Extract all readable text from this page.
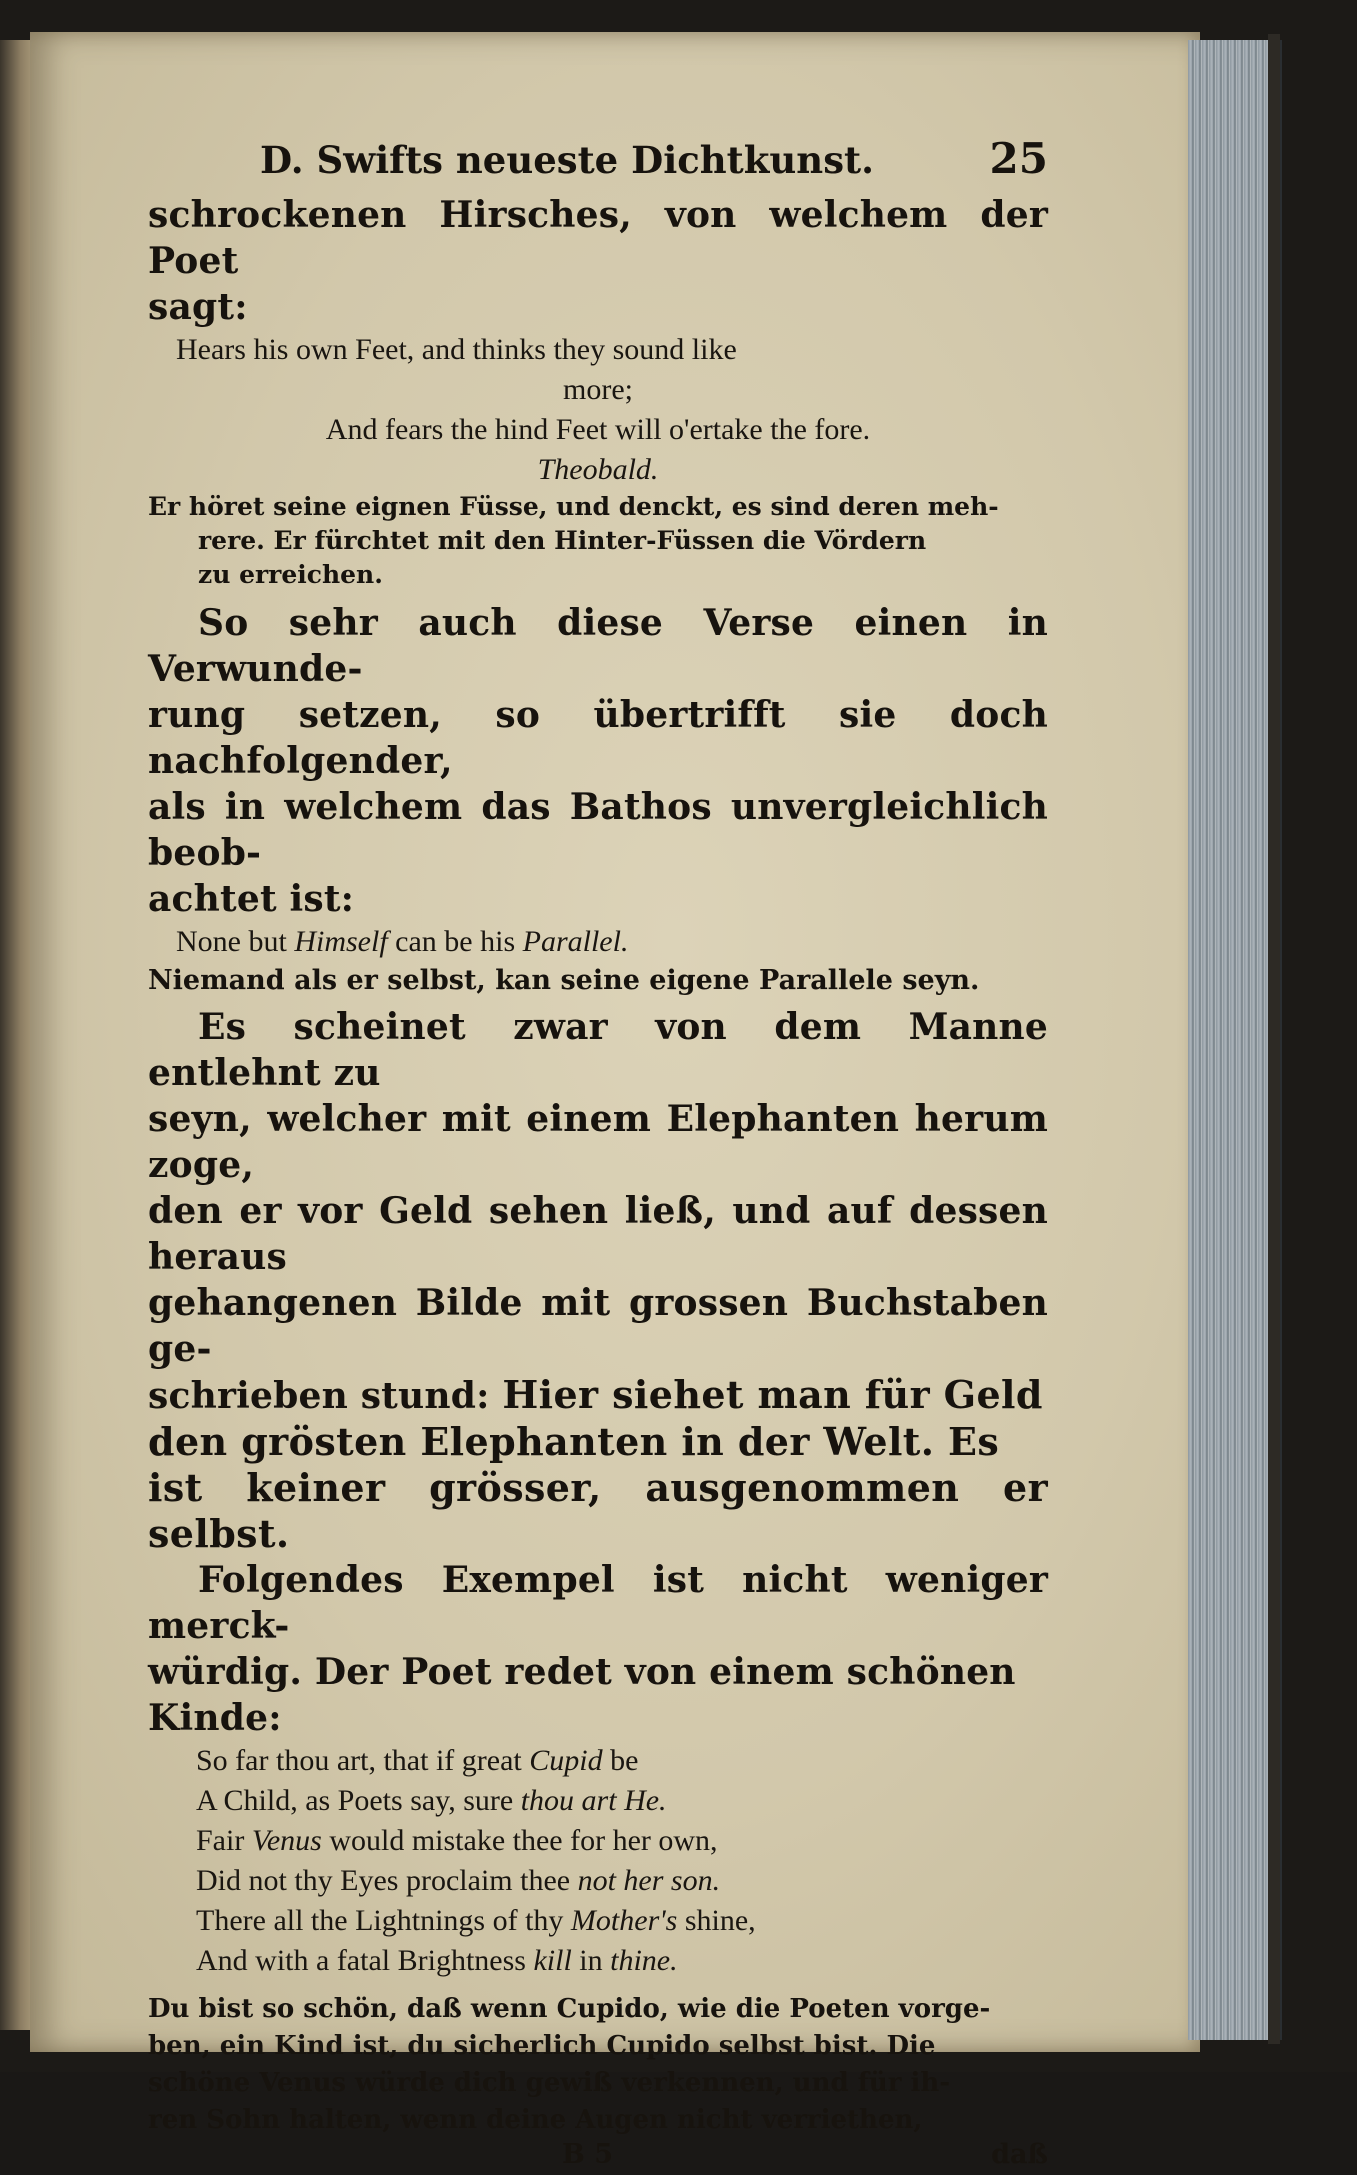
D. Swifts neueste Dichtkunst.	25
schrockenen Hirsches, von welchem der Poet
sagt:
Hears his own Feet, and thinks they sound like
more;
And fears the hind Feet will o'ertake the fore.
Theobald.
Er höret seine eignen Füsse, und denckt, es sind deren meh-
rere. Er fürchtet mit den Hinter-Füssen die Vördern
zu erreichen.
So sehr auch diese Verse einen in Verwunde-
rung setzen, so übertrifft sie doch nachfolgender,
als in welchem das Bathos unvergleichlich beob-
achtet ist:
None but Himself can be his Parallel.
Niemand als er selbst, kan seine eigene Parallele seyn.
Es scheinet zwar von dem Manne entlehnt zu
seyn, welcher mit einem Elephanten herum zoge,
den er vor Geld sehen ließ, und auf dessen heraus
gehangenen Bilde mit grossen Buchstaben ge-
schrieben stund: Hier siehet man für Geld
den grösten Elephanten in der Welt. Es
ist keiner grösser, ausgenommen er selbst.
Folgendes Exempel ist nicht weniger merck-
würdig. Der Poet redet von einem schönen
Kinde:
So far thou art, that if great Cupid be
A Child, as Poets say, sure thou art He.
Fair Venus would mistake thee for her own,
Did not thy Eyes proclaim thee not her son.
There all the Lightnings of thy Mother's shine,
And with a fatal Brightness kill in thine.
Du bist so schön, daß wenn Cupido, wie die Poeten vorge-
ben, ein Kind ist, du sicherlich Cupido selbst bist. Die
schöne Venus würde dich gewiß verkennen, und für ih-
ren Sohn halten, wenn deine Augen nicht verriethen,
B 5	daß
